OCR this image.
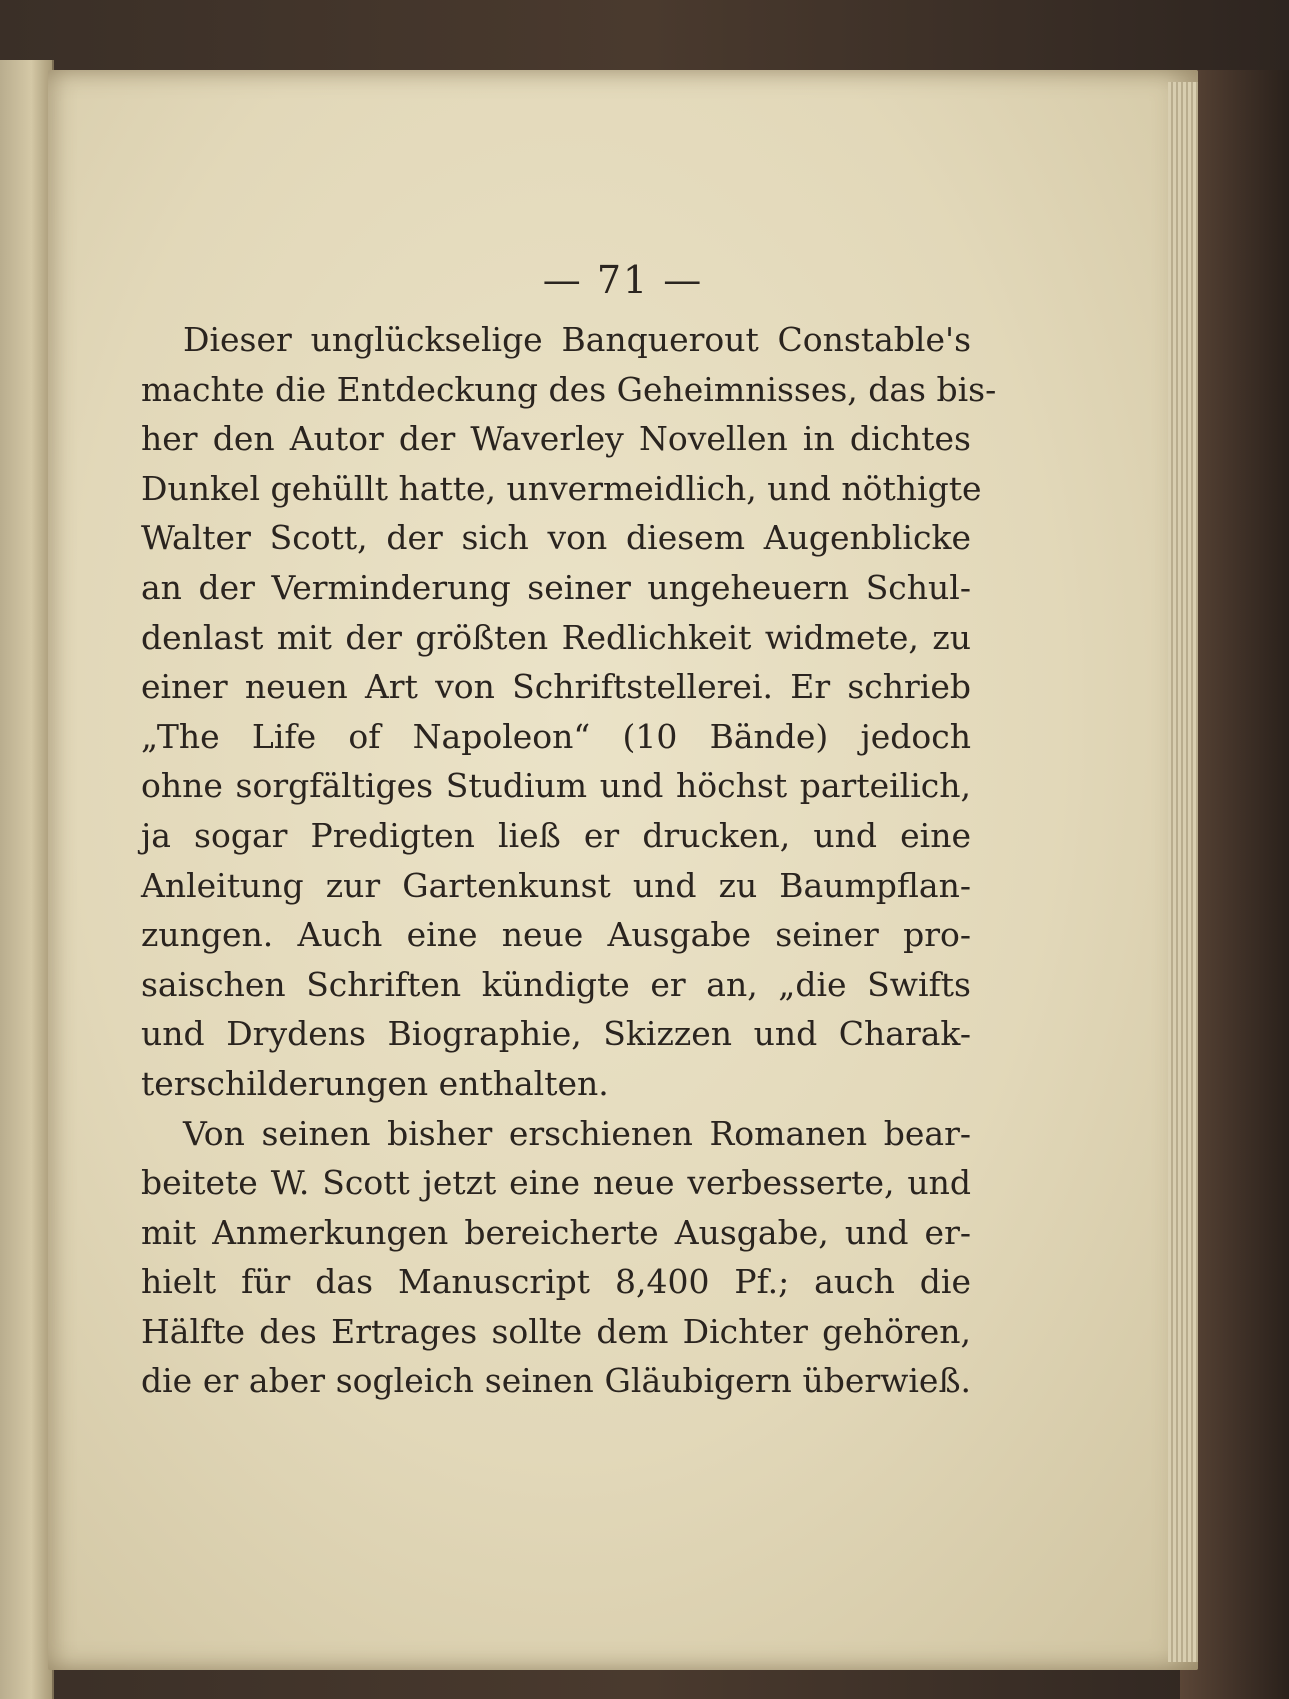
— 71 —
Dieser unglückselige Banquerout Constable's
machte die Entdeckung des Geheimnisses, das bis-
her den Autor der Waverley Novellen in dichtes
Dunkel gehüllt hatte, unvermeidlich, und nöthigte
Walter Scott, der sich von diesem Augenblicke
an der Verminderung seiner ungeheuern Schul-
denlast mit der größten Redlichkeit widmete, zu
einer neuen Art von Schriftstellerei. Er schrieb
„The Life of Napoleon“ (10 Bände) jedoch
ohne sorgfältiges Studium und höchst parteilich,
ja sogar Predigten ließ er drucken, und eine
Anleitung zur Gartenkunst und zu Baumpflan-
zungen. Auch eine neue Ausgabe seiner pro-
saischen Schriften kündigte er an, „die Swifts
und Drydens Biographie, Skizzen und Charak-
terschilderungen enthalten.
Von seinen bisher erschienen Romanen bear-
beitete W. Scott jetzt eine neue verbesserte, und
mit Anmerkungen bereicherte Ausgabe, und er-
hielt für das Manuscript 8,400 Pf.; auch die
Hälfte des Ertrages sollte dem Dichter gehören,
die er aber sogleich seinen Gläubigern überwieß.
